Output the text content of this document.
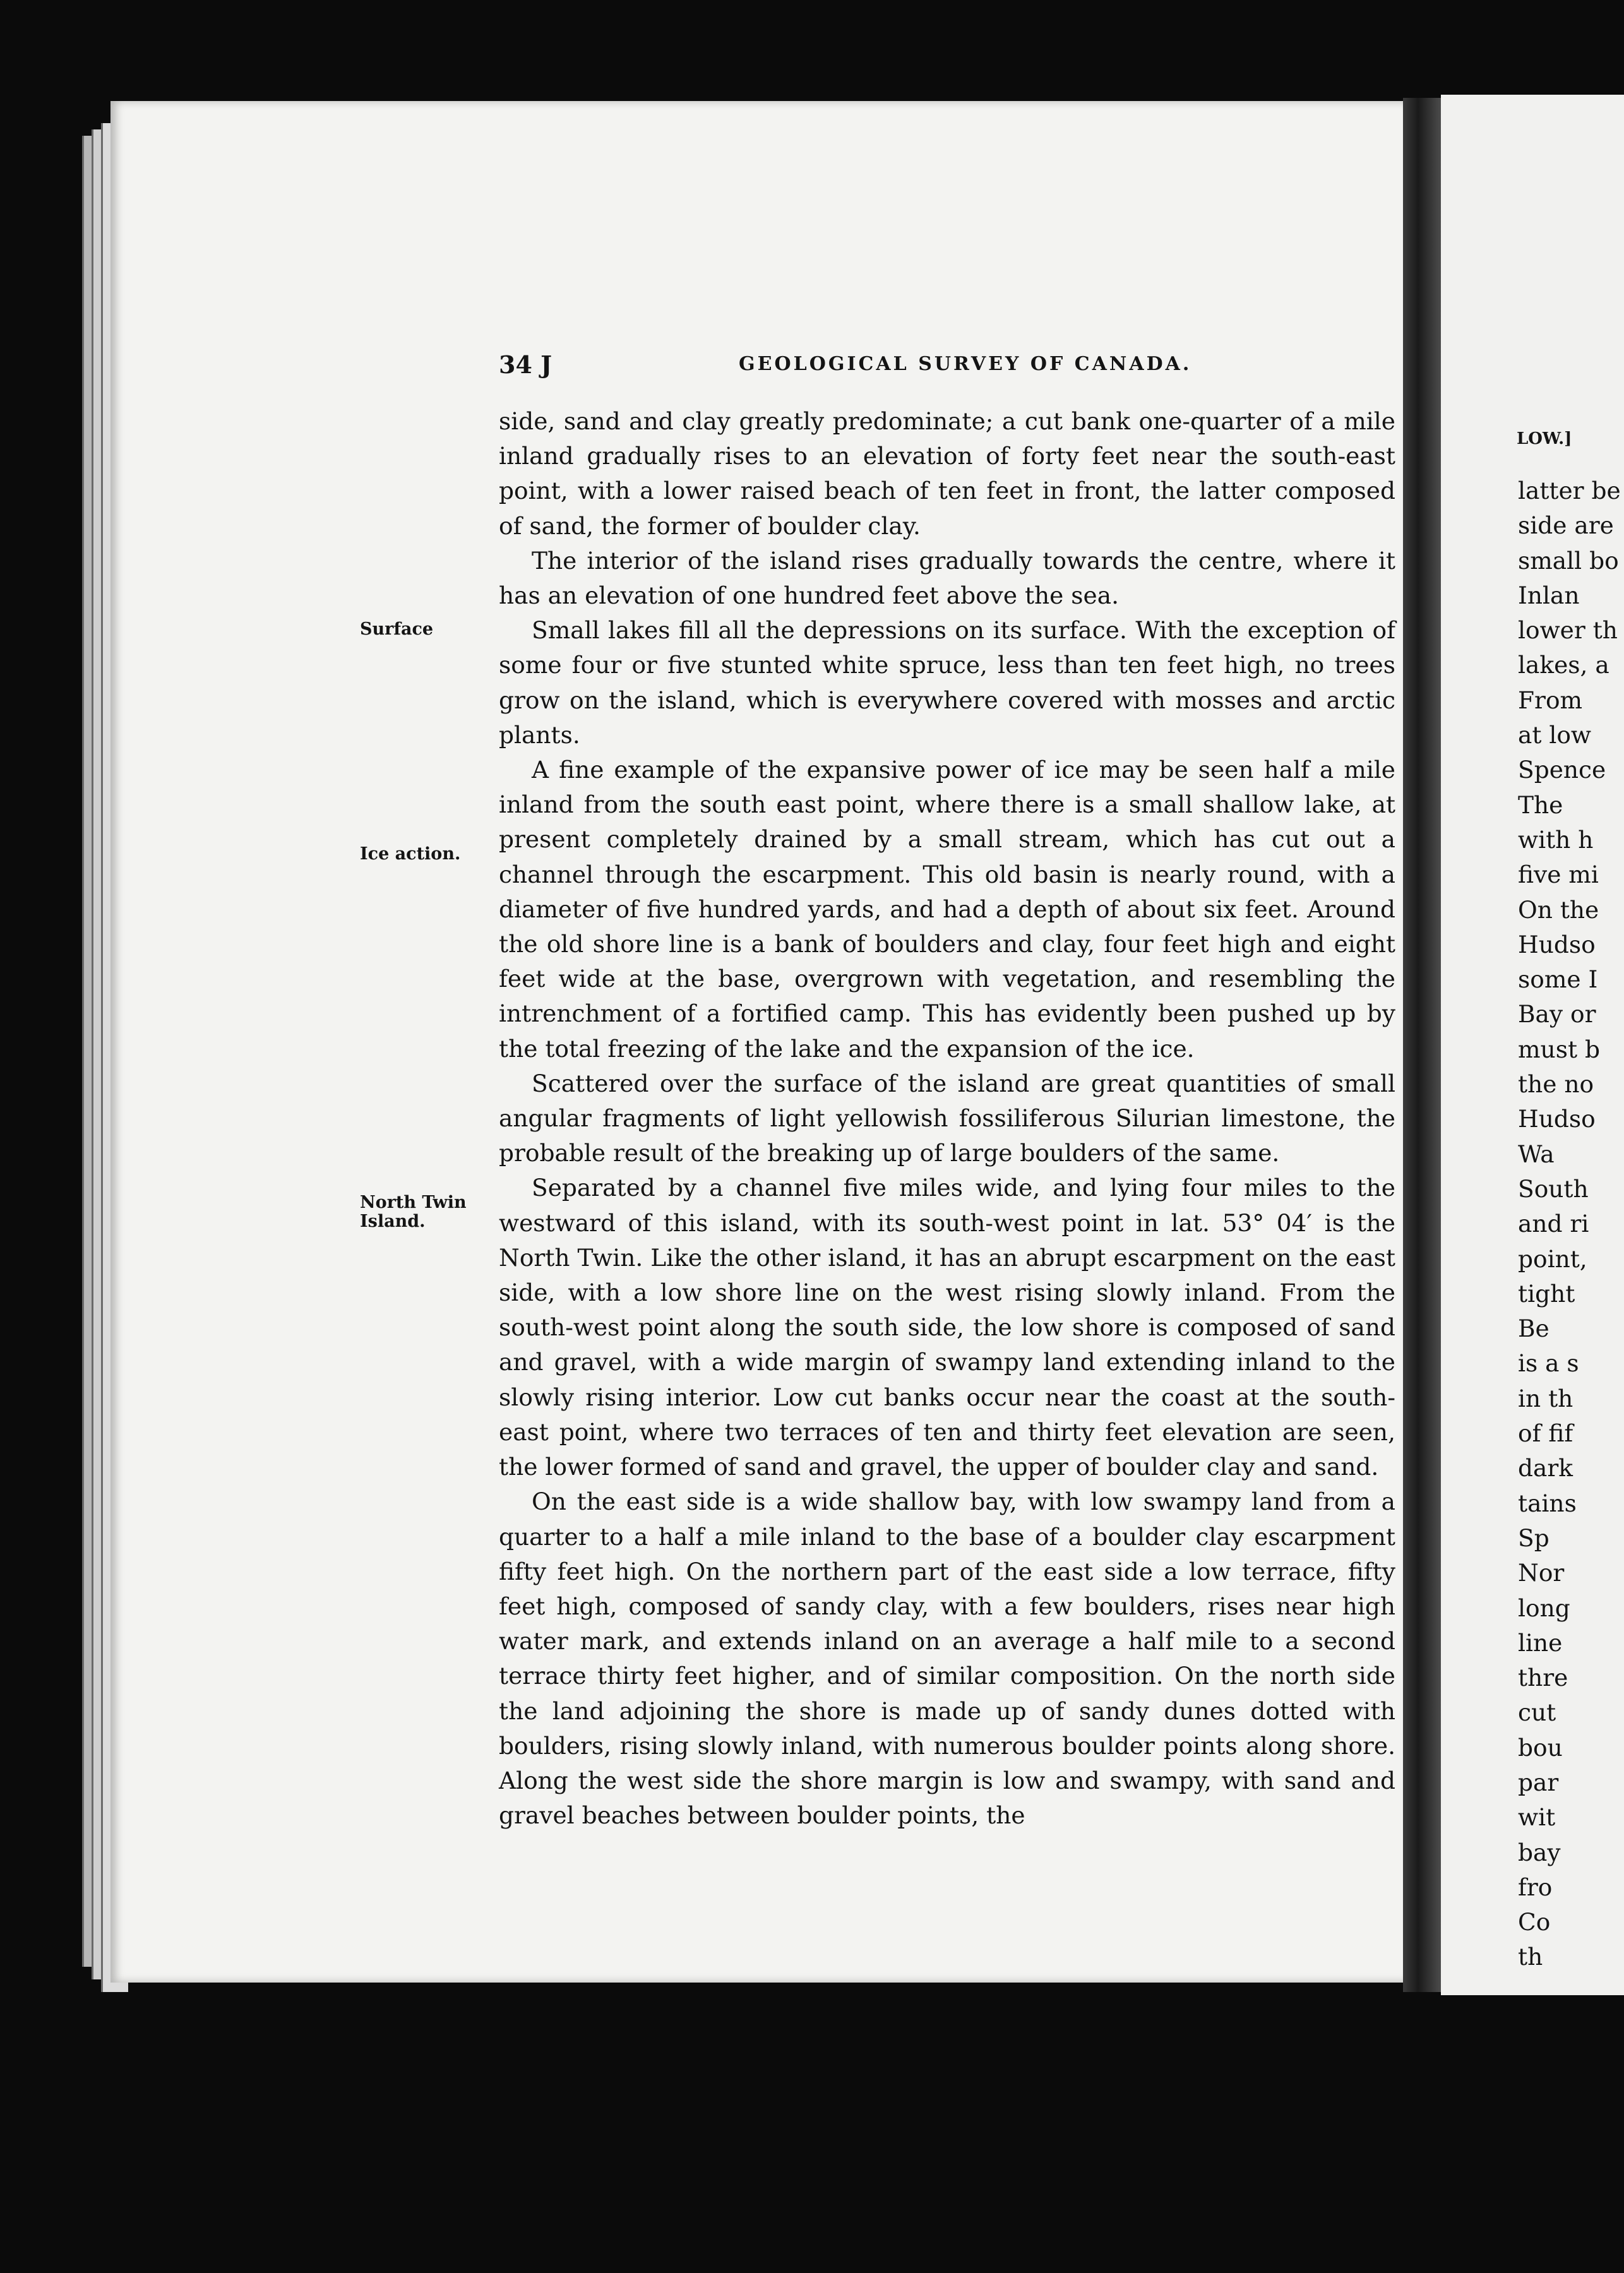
34 J	GEOLOGICAL SURVEY OF CANADA.
Surface
Ice action.
North Twin Island.

side, sand and clay greatly predominate; a cut bank one-quarter of a mile inland gradually rises to an elevation of forty feet near the south-east point, with a lower raised beach of ten feet in front, the latter composed of sand, the former of boulder clay.

The interior of the island rises gradually towards the centre, where it has an elevation of one hundred feet above the sea.

Small lakes fill all the depressions on its surface. With the exception of some four or five stunted white spruce, less than ten feet high, no trees grow on the island, which is everywhere covered with mosses and arctic plants.

A fine example of the expansive power of ice may be seen half a mile inland from the south east point, where there is a small shallow lake, at present completely drained by a small stream, which has cut out a channel through the escarpment. This old basin is nearly round, with a diameter of five hundred yards, and had a depth of about six feet. Around the old shore line is a bank of boulders and clay, four feet high and eight feet wide at the base, overgrown with vegetation, and resembling the intrenchment of a fortified camp. This has evidently been pushed up by the total freezing of the lake and the expansion of the ice.

Scattered over the surface of the island are great quantities of small angular fragments of light yellowish fossiliferous Silurian limestone, the probable result of the breaking up of large boulders of the same.

Separated by a channel five miles wide, and lying four miles to the westward of this island, with its south-west point in lat. 53° 04′ is the North Twin. Like the other island, it has an abrupt escarpment on the east side, with a low shore line on the west rising slowly inland. From the south-west point along the south side, the low shore is composed of sand and gravel, with a wide margin of swampy land extending inland to the slowly rising interior. Low cut banks occur near the coast at the south-east point, where two terraces of ten and thirty feet elevation are seen, the lower formed of sand and gravel, the upper of boulder clay and sand.

On the east side is a wide shallow bay, with low swampy land from a quarter to a half a mile inland to the base of a boulder clay escarpment fifty feet high. On the northern part of the east side a low terrace, fifty feet high, composed of sandy clay, with a few boulders, rises near high water mark, and extends inland on an average a half mile to a second terrace thirty feet higher, and of similar composition. On the north side the land adjoining the shore is made up of sandy dunes dotted with boulders, rising slowly inland, with numerous boulder points along shore. Along the west side the shore margin is low and swampy, with sand and gravel beaches between boulder points, the

LOW.]
latter be
side are
small bo
Inlan
lower th
lakes, a
From
at low
Spence
The
with h
five mi
On the
Hudso
some I
Bay or
must b
the no
Hudso
Wa
South
and ri
point,
tight
Be
is a s
in th
of fif
dark
tains
Sp
Nor
long
line
thre
cut
bou
par
wit
bay
fro
Co
th
